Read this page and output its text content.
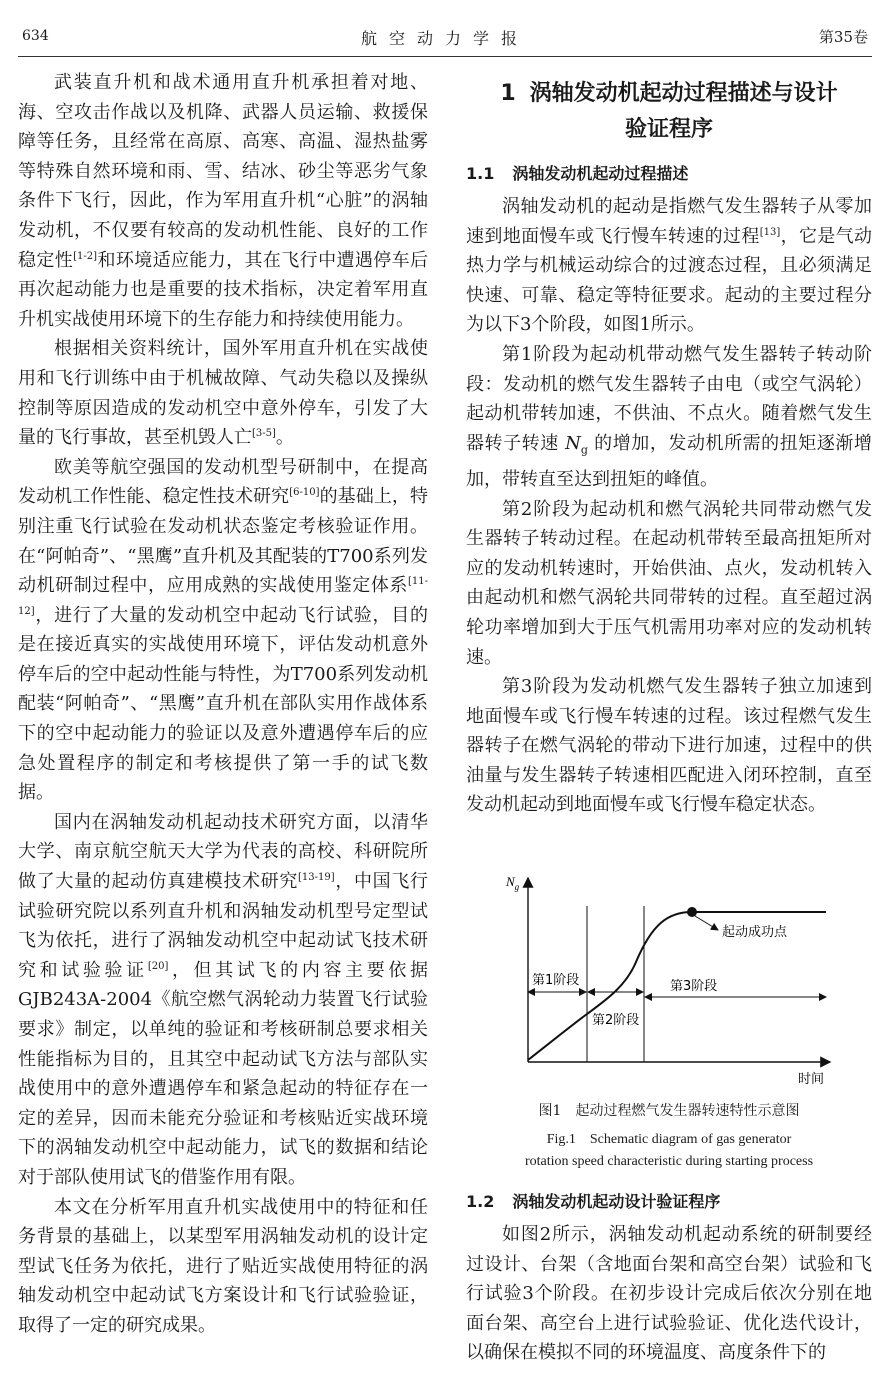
634	航空动力学报	第35卷

武装直升机和战术通用直升机承担着对地、海、空攻击作战以及机降、武器人员运输、救援保障等任务，且经常在高原、高寒、高温、湿热盐雾等特殊自然环境和雨、雪、结冰、砂尘等恶劣气象条件下飞行，因此，作为军用直升机“心脏”的涡轴发动机，不仅要有较高的发动机性能、良好的工作稳定性[1-2]和环境适应能力，其在飞行中遭遇停车后再次起动能力也是重要的技术指标，决定着军用直升机实战使用环境下的生存能力和持续使用能力。

根据相关资料统计，国外军用直升机在实战使用和飞行训练中由于机械故障、气动失稳以及操纵控制等原因造成的发动机空中意外停车，引发了大量的飞行事故，甚至机毁人亡[3-5]。

欧美等航空强国的发动机型号研制中，在提高发动机工作性能、稳定性技术研究[6-10]的基础上，特别注重飞行试验在发动机状态鉴定考核验证作用。在“阿帕奇”、“黑鹰”直升机及其配装的T700系列发动机研制过程中，应用成熟的实战使用鉴定体系[11-12]，进行了大量的发动机空中起动飞行试验，目的是在接近真实的实战使用环境下，评估发动机意外停车后的空中起动性能与特性，为T700系列发动机配装“阿帕奇”、“黑鹰”直升机在部队实用作战体系下的空中起动能力的验证以及意外遭遇停车后的应急处置程序的制定和考核提供了第一手的试飞数据。

国内在涡轴发动机起动技术研究方面，以清华大学、南京航空航天大学为代表的高校、科研院所做了大量的起动仿真建模技术研究[13-19]，中国飞行试验研究院以系列直升机和涡轴发动机型号定型试飞为依托，进行了涡轴发动机空中起动试飞技术研究和试验验证[20]，但其试飞的内容主要依据GJB243A-2004《航空燃气涡轮动力装置飞行试验要求》制定，以单纯的验证和考核研制总要求相关性能指标为目的，且其空中起动试飞方法与部队实战使用中的意外遭遇停车和紧急起动的特征存在一定的差异，因而未能充分验证和考核贴近实战环境下的涡轴发动机空中起动能力，试飞的数据和结论对于部队使用试飞的借鉴作用有限。

本文在分析军用直升机实战使用中的特征和任务背景的基础上，以某型军用涡轴发动机的设计定型试飞任务为依托，进行了贴近实战使用特征的涡轴发动机空中起动试飞方案设计和飞行试验验证，取得了一定的研究成果。

1 涡轴发动机起动过程描述与设计
验证程序
1.1 涡轴发动机起动过程描述

涡轴发动机的起动是指燃气发生器转子从零加速到地面慢车或飞行慢车转速的过程[13]，它是气动热力学与机械运动综合的过渡态过程，且必须满足快速、可靠、稳定等特征要求。起动的主要过程分为以下3个阶段，如图1所示。

第1阶段为起动机带动燃气发生器转子转动阶段：发动机的燃气发生器转子由电（或空气涡轮）起动机带转加速，不供油、不点火。随着燃气发生器转子转速 $N_g$ 的增加，发动机所需的扭矩逐渐增加，带转直至达到扭矩的峰值。

第2阶段为起动机和燃气涡轮共同带动燃气发生器转子转动过程。在起动机带转至最高扭矩所对应的发动机转速时，开始供油、点火，发动机转入由起动机和燃气涡轮共同带转的过程。直至超过涡轮功率增加到大于压气机需用功率对应的发动机转速。

第3阶段为发动机燃气发生器转子独立加速到地面慢车或飞行慢车转速的过程。该过程燃气发生器转子在燃气涡轮的带动下进行加速，过程中的供油量与发生器转子转速相匹配进入闭环控制，直至发动机起动到地面慢车或飞行慢车稳定状态。

$N_g$
时间
起动成功点
第1阶段
第2阶段
第3阶段
图1　起动过程燃气发生器转速特性示意图
Fig.1　Schematic diagram of gas generator
rotation speed characteristic during starting process
1.2 涡轴发动机起动设计验证程序

如图2所示，涡轴发动机起动系统的研制要经过设计、台架（含地面台架和高空台架）试验和飞行试验3个阶段。在初步设计完成后依次分别在地面台架、高空台上进行试验验证、优化迭代设计，以确保在模拟不同的环境温度、高度条件下的
